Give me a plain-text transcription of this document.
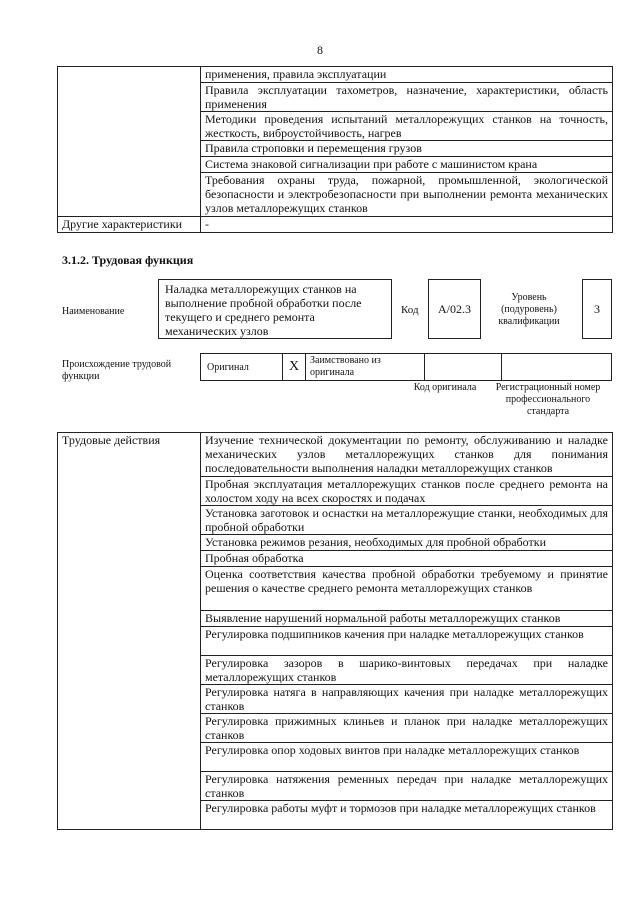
8
	применения, правила эксплуатации
	Правила эксплуатации тахометров, назначение, характеристики, область применения
	Методики проведения испытаний металлорежущих станков на точность, жесткость, виброустойчивость, нагрев
	Правила строповки и перемещения грузов
	Система знаковой сигнализации при работе с машинистом крана
	Требования охраны труда, пожарной, промышленной, экологической безопасности и электробезопасности при выполнении ремонта механических узлов металлорежущих станков
Другие характеристики	-
3.1.2. Трудовая функция
Наименование
Наладка металлорежущих станков на выполнение пробной обработки после текущего и среднего ремонта механических узлов
Код A/02.3
Уровень (подуровень) квалификации
3
Происхождение трудовой функции
Оригинал	X	Заимствовано из оригинала
Код оригинала	Регистрационный номер профессионального стандарта
Трудовые действия	Изучение технической документации по ремонту, обслуживанию и наладке механических узлов металлорежущих станков для понимания последовательности выполнения наладки металлорежущих станков
Пробная эксплуатация металлорежущих станков после среднего ремонта на холостом ходу на всех скоростях и подачах
Установка заготовок и оснастки на металлорежущие станки, необходимых для пробной обработки
Установка режимов резания, необходимых для пробной обработки
Пробная обработка
Оценка соответствия качества пробной обработки требуемому и принятие решения о качестве среднего ремонта металлорежущих станков
Выявление нарушений нормальной работы металлорежущих станков
Регулировка подшипников качения при наладке металлорежущих станков
Регулировка зазоров в шарико-винтовых передачах при наладке металлорежущих станков
Регулировка натяга в направляющих качения при наладке металлорежущих станков
Регулировка прижимных клиньев и планок при наладке металлорежущих станков
Регулировка опор ходовых винтов при наладке металлорежущих станков
Регулировка натяжения ременных передач при наладке металлорежущих станков
Регулировка работы муфт и тормозов при наладке металлорежущих станков
